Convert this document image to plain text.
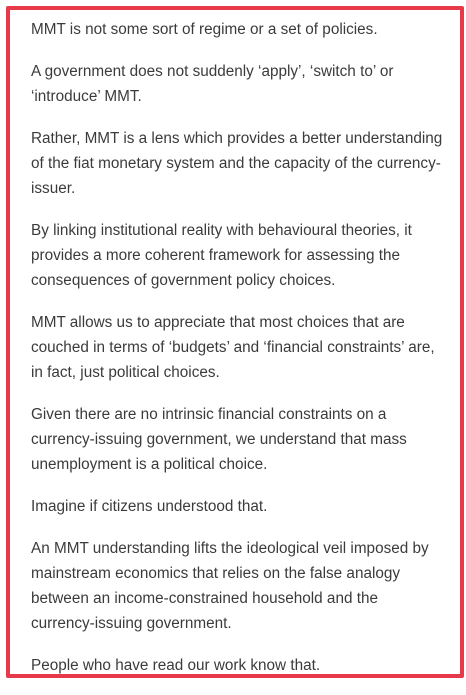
MMT is not some sort of regime or a set of policies.

A government does not suddenly ‘apply’, ‘switch to’ or
‘introduce’ MMT.

Rather, MMT is a lens which provides a better understanding
of the fiat monetary system and the capacity of the currency-
issuer.

By linking institutional reality with behavioural theories, it
provides a more coherent framework for assessing the
consequences of government policy choices.

MMT allows us to appreciate that most choices that are
couched in terms of ‘budgets’ and ‘financial constraints’ are,
in fact, just political choices.

Given there are no intrinsic financial constraints on a
currency-issuing government, we understand that mass
unemployment is a political choice.

Imagine if citizens understood that.

An MMT understanding lifts the ideological veil imposed by
mainstream economics that relies on the false analogy
between an income-constrained household and the
currency-issuing government.

People who have read our work know that.
